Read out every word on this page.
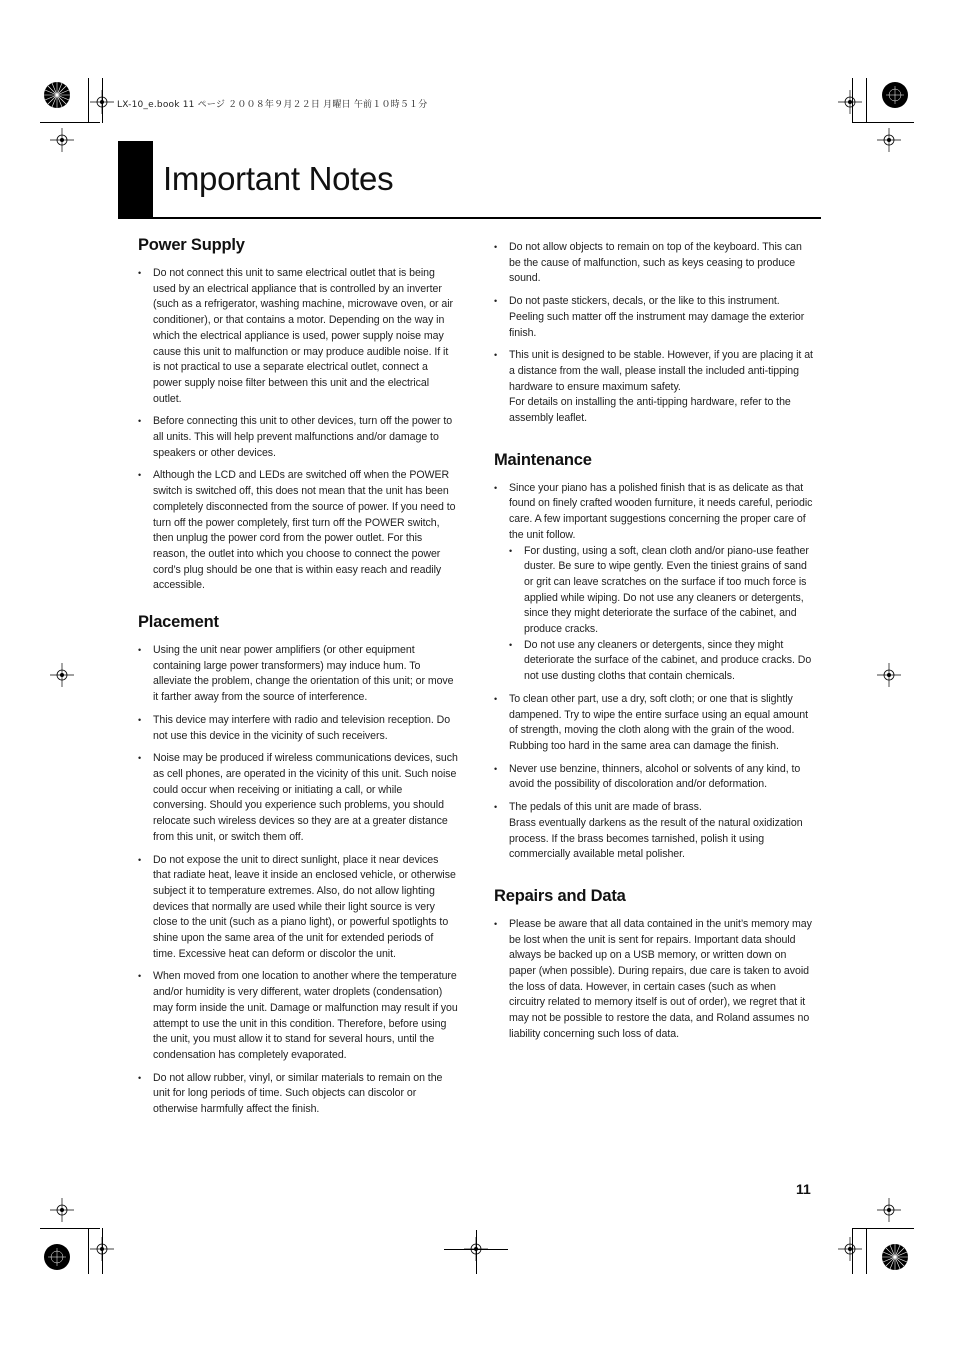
LX-10_e.book 11 ページ ２００８年９月２２日 月曜日 午前１０時５１分
Important Notes
Power Supply
• Do not connect this unit to same electrical outlet that is being used by an electrical appliance that is controlled by an inverter (such as a refrigerator, washing machine, microwave oven, or air conditioner), or that contains a motor. Depending on the way in which the electrical appliance is used, power supply noise may cause this unit to malfunction or may produce audible noise. If it is not practical to use a separate electrical outlet, connect a power supply noise filter between this unit and the electrical outlet.
• Before connecting this unit to other devices, turn off the power to all units. This will help prevent malfunctions and/or damage to speakers or other devices.
• Although the LCD and LEDs are switched off when the POWER switch is switched off, this does not mean that the unit has been completely disconnected from the source of power. If you need to turn off the power completely, first turn off the POWER switch, then unplug the power cord from the power outlet. For this reason, the outlet into which you choose to connect the power cord’s plug should be one that is within easy reach and readily accessible.
Placement
• Using the unit near power amplifiers (or other equipment containing large power transformers) may induce hum. To alleviate the problem, change the orientation of this unit; or move it farther away from the source of interference.
• This device may interfere with radio and television reception. Do not use this device in the vicinity of such receivers.
• Noise may be produced if wireless communications devices, such as cell phones, are operated in the vicinity of this unit. Such noise could occur when receiving or initiating a call, or while conversing. Should you experience such problems, you should relocate such wireless devices so they are at a greater distance from this unit, or switch them off.
• Do not expose the unit to direct sunlight, place it near devices that radiate heat, leave it inside an enclosed vehicle, or otherwise subject it to temperature extremes. Also, do not allow lighting devices that normally are used while their light source is very close to the unit (such as a piano light), or powerful spotlights to shine upon the same area of the unit for extended periods of time. Excessive heat can deform or discolor the unit.
• When moved from one location to another where the temperature and/or humidity is very different, water droplets (condensation) may form inside the unit. Damage or malfunction may result if you attempt to use the unit in this condition. Therefore, before using the unit, you must allow it to stand for several hours, until the condensation has completely evaporated.
• Do not allow rubber, vinyl, or similar materials to remain on the unit for long periods of time. Such objects can discolor or otherwise harmfully affect the finish.
• Do not allow objects to remain on top of the keyboard. This can be the cause of malfunction, such as keys ceasing to produce sound.
• Do not paste stickers, decals, or the like to this instrument. Peeling such matter off the instrument may damage the exterior finish.
• This unit is designed to be stable. However, if you are placing it at a distance from the wall, please install the included anti-tipping hardware to ensure maximum safety.
For details on installing the anti-tipping hardware, refer to the assembly leaflet.
Maintenance
• Since your piano has a polished finish that is as delicate as that found on finely crafted wooden furniture, it needs careful, periodic care. A few important suggestions concerning the proper care of the unit follow.
• For dusting, using a soft, clean cloth and/or piano-use feather duster. Be sure to wipe gently. Even the tiniest grains of sand or grit can leave scratches on the surface if too much force is applied while wiping. Do not use any cleaners or detergents, since they might deteriorate the surface of the cabinet, and produce cracks.
• Do not use any cleaners or detergents, since they might deteriorate the surface of the cabinet, and produce cracks. Do not use dusting cloths that contain chemicals.
• To clean other part, use a dry, soft cloth; or one that is slightly dampened. Try to wipe the entire surface using an equal amount of strength, moving the cloth along with the grain of the wood. Rubbing too hard in the same area can damage the finish.
• Never use benzine, thinners, alcohol or solvents of any kind, to avoid the possibility of discoloration and/or deformation.
• The pedals of this unit are made of brass.
Brass eventually darkens as the result of the natural oxidization process. If the brass becomes tarnished, polish it using commercially available metal polisher.
Repairs and Data
• Please be aware that all data contained in the unit’s memory may be lost when the unit is sent for repairs. Important data should always be backed up on a USB memory, or written down on paper (when possible). During repairs, due care is taken to avoid the loss of data. However, in certain cases (such as when circuitry related to memory itself is out of order), we regret that it may not be possible to restore the data, and Roland assumes no liability concerning such loss of data.
11
